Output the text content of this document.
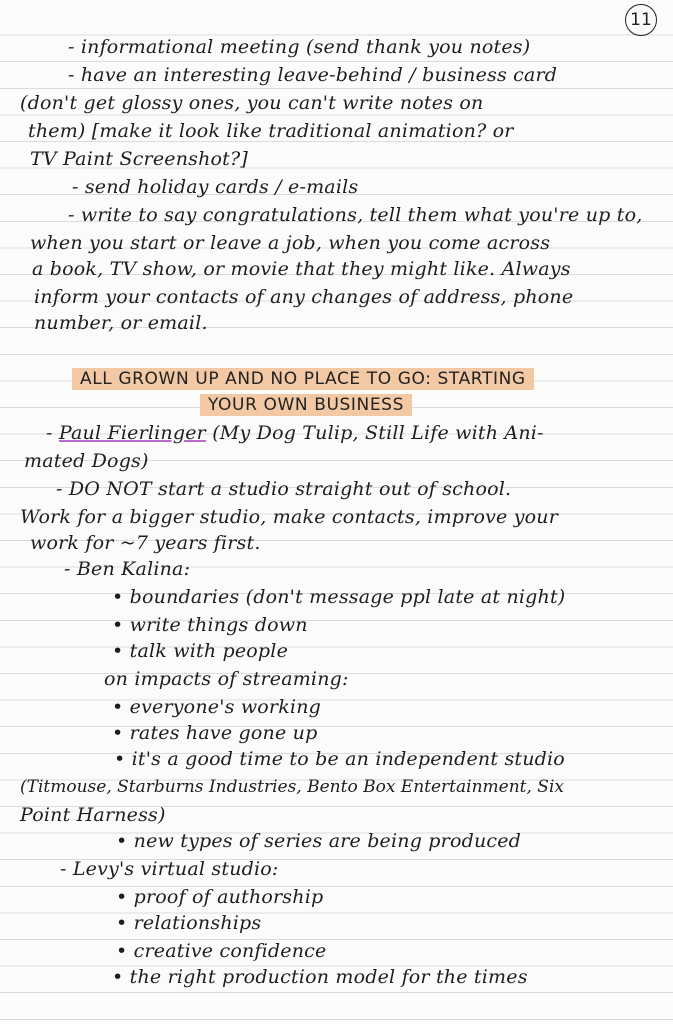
11
- informational meeting (send thank you notes)
- have an interesting leave-behind / business card
(don't get glossy ones, you can't write notes on
them) [make it look like traditional animation? or
TV Paint Screenshot?]
- send holiday cards / e-mails
- write to say congratulations, tell them what you're up to,
when you start or leave a job, when you come across
a book, TV show, or movie that they might like. Always
inform your contacts of any changes of address, phone
number, or email.
ALL GROWN UP AND NO PLACE TO GO: STARTING
YOUR OWN BUSINESS
- Paul Fierlinger (My Dog Tulip, Still Life with Ani-
mated Dogs)
- DO NOT start a studio straight out of school.
Work for a bigger studio, make contacts, improve your
work for ~7 years first.
- Ben Kalina:
• boundaries (don't message ppl late at night)
• write things down
• talk with people
on impacts of streaming:
• everyone's working
• rates have gone up
• it's a good time to be an independent studio
(Titmouse, Starburns Industries, Bento Box Entertainment, Six
Point Harness)
• new types of series are being produced
- Levy's virtual studio:
• proof of authorship
• relationships
• creative confidence
• the right production model for the times
